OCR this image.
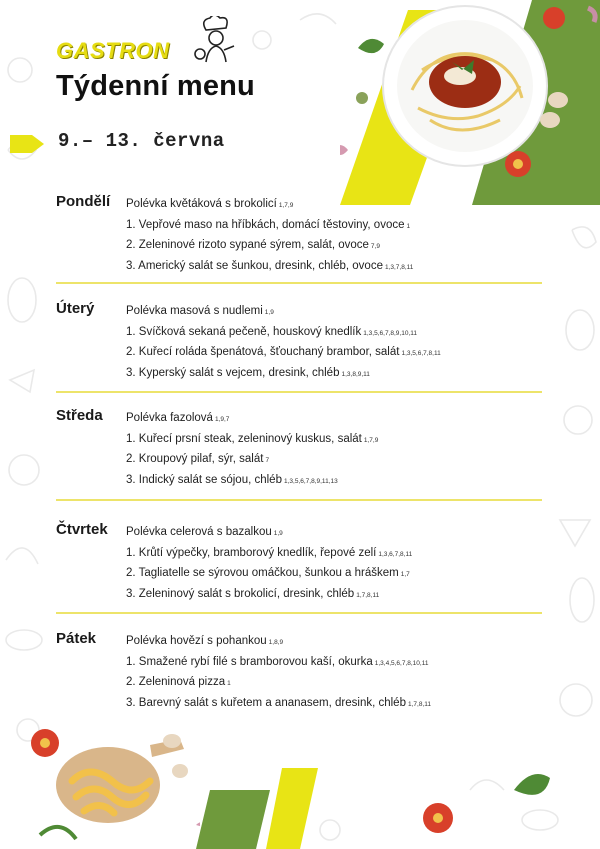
GASTRON
Týdenní menu
9.– 13. června
Pondělí Polévka květáková s brokolicí 1,7,9
1. Vepřové maso na hříbkách, domácí těstoviny, ovoce 1
2. Zeleninové rizoto sypané sýrem, salát, ovoce 7,9
3. Americký salát se šunkou, dresink, chléb, ovoce 1,3,7,8,11
Úterý	Polévka masová s nudlemi 1,9
1. Svíčková sekaná pečeně, houskový knedlík 1,3,5,6,7,8,9,10,11
2. Kuřecí roláda špenátová, šťouchaný brambor, salát 1,3,5,6,7,8,11
3. Kyperský salát s vejcem, dresink, chléb 1,3,8,9,11
Středa Polévka fazolová 1,9,7
1. Kuřecí prsní steak, zeleninový kuskus, salát 1,7,9
2. Kroupový pilaf, sýr, salát 7
3. Indický salát se sójou, chléb 1,3,5,6,7,8,9,11,13
Čtvrtek Polévka celerová s bazalkou 1,9
1. Krůtí výpečky, bramborový knedlík, řepové zelí 1,3,6,7,8,11
2. Tagliatelle se sýrovou omáčkou, šunkou a hráškem 1,7
3. Zeleninový salát s brokolicí, dresink, chléb 1,7,8,11
Pátek	Polévka hovězí s pohankou 1,8,9
1. Smažené rybí filé s bramborovou kaší, okurka 1,3,4,5,6,7,8,10,11
2. Zeleninová pizza 1
3. Barevný salát s kuřetem a ananasem, dresink, chléb 1,7,8,11
